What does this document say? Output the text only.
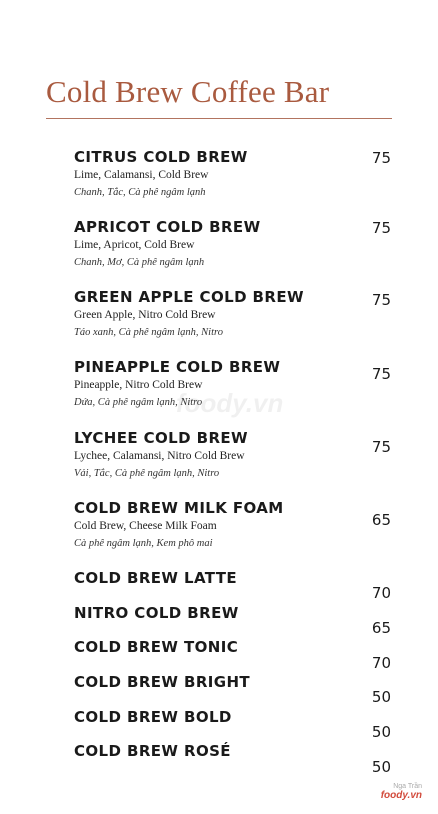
Cold Brew Coffee Bar
foody.vn
CITRUS COLD BREW
Lime, Calamansi, Cold Brew
Chanh, Tắc, Cà phê ngâm lạnh
75
APRICOT COLD BREW
Lime, Apricot, Cold Brew
Chanh, Mơ, Cà phê ngâm lạnh
75
GREEN APPLE COLD BREW
Green Apple, Nitro Cold Brew
Táo xanh, Cà phê ngâm lạnh, Nitro
75
PINEAPPLE COLD BREW
Pineapple, Nitro Cold Brew
Dứa, Cà phê ngâm lạnh, Nitro
75
LYCHEE COLD BREW
Lychee, Calamansi, Nitro Cold Brew
Vải, Tắc, Cà phê ngâm lạnh, Nitro
75
COLD BREW MILK FOAM
Cold Brew, Cheese Milk Foam
Cà phê ngâm lạnh, Kem phô mai
65
COLD BREW LATTE
70
NITRO COLD BREW
65
COLD BREW TONIC
70
COLD BREW BRIGHT
50
COLD BREW BOLD
50
COLD BREW ROSÉ
50
Nga Trần
foody.vn
